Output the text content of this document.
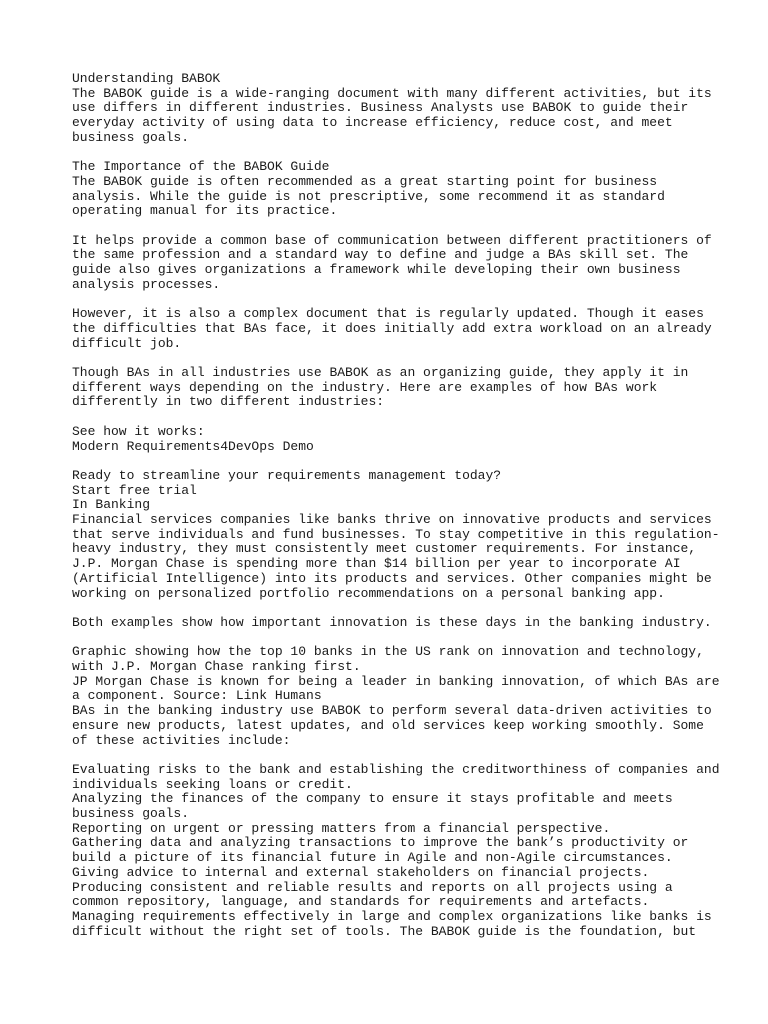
Understanding BABOK
The BABOK guide is a wide-ranging document with many different activities, but its
use differs in different industries. Business Analysts use BABOK to guide their
everyday activity of using data to increase efficiency, reduce cost, and meet
business goals.
The Importance of the BABOK Guide
The BABOK guide is often recommended as a great starting point for business
analysis. While the guide is not prescriptive, some recommend it as standard
operating manual for its practice.
It helps provide a common base of communication between different practitioners of
the same profession and a standard way to define and judge a BAs skill set. The
guide also gives organizations a framework while developing their own business
analysis processes.
However, it is also a complex document that is regularly updated. Though it eases
the difficulties that BAs face, it does initially add extra workload on an already
difficult job.
Though BAs in all industries use BABOK as an organizing guide, they apply it in
different ways depending on the industry. Here are examples of how BAs work
differently in two different industries:
See how it works:
Modern Requirements4DevOps Demo
Ready to streamline your requirements management today?
Start free trial
In Banking
Financial services companies like banks thrive on innovative products and services
that serve individuals and fund businesses. To stay competitive in this regulation-
heavy industry, they must consistently meet customer requirements. For instance,
J.P. Morgan Chase is spending more than $14 billion per year to incorporate AI
(Artificial Intelligence) into its products and services. Other companies might be
working on personalized portfolio recommendations on a personal banking app.
Both examples show how important innovation is these days in the banking industry.
Graphic showing how the top 10 banks in the US rank on innovation and technology,
with J.P. Morgan Chase ranking first.
JP Morgan Chase is known for being a leader in banking innovation, of which BAs are
a component. Source: Link Humans
BAs in the banking industry use BABOK to perform several data-driven activities to
ensure new products, latest updates, and old services keep working smoothly. Some
of these activities include:
Evaluating risks to the bank and establishing the creditworthiness of companies and
individuals seeking loans or credit.
Analyzing the finances of the company to ensure it stays profitable and meets
business goals.
Reporting on urgent or pressing matters from a financial perspective.
Gathering data and analyzing transactions to improve the bank’s productivity or
build a picture of its financial future in Agile and non-Agile circumstances.
Giving advice to internal and external stakeholders on financial projects.
Producing consistent and reliable results and reports on all projects using a
common repository, language, and standards for requirements and artefacts.
Managing requirements effectively in large and complex organizations like banks is
difficult without the right set of tools. The BABOK guide is the foundation, but
